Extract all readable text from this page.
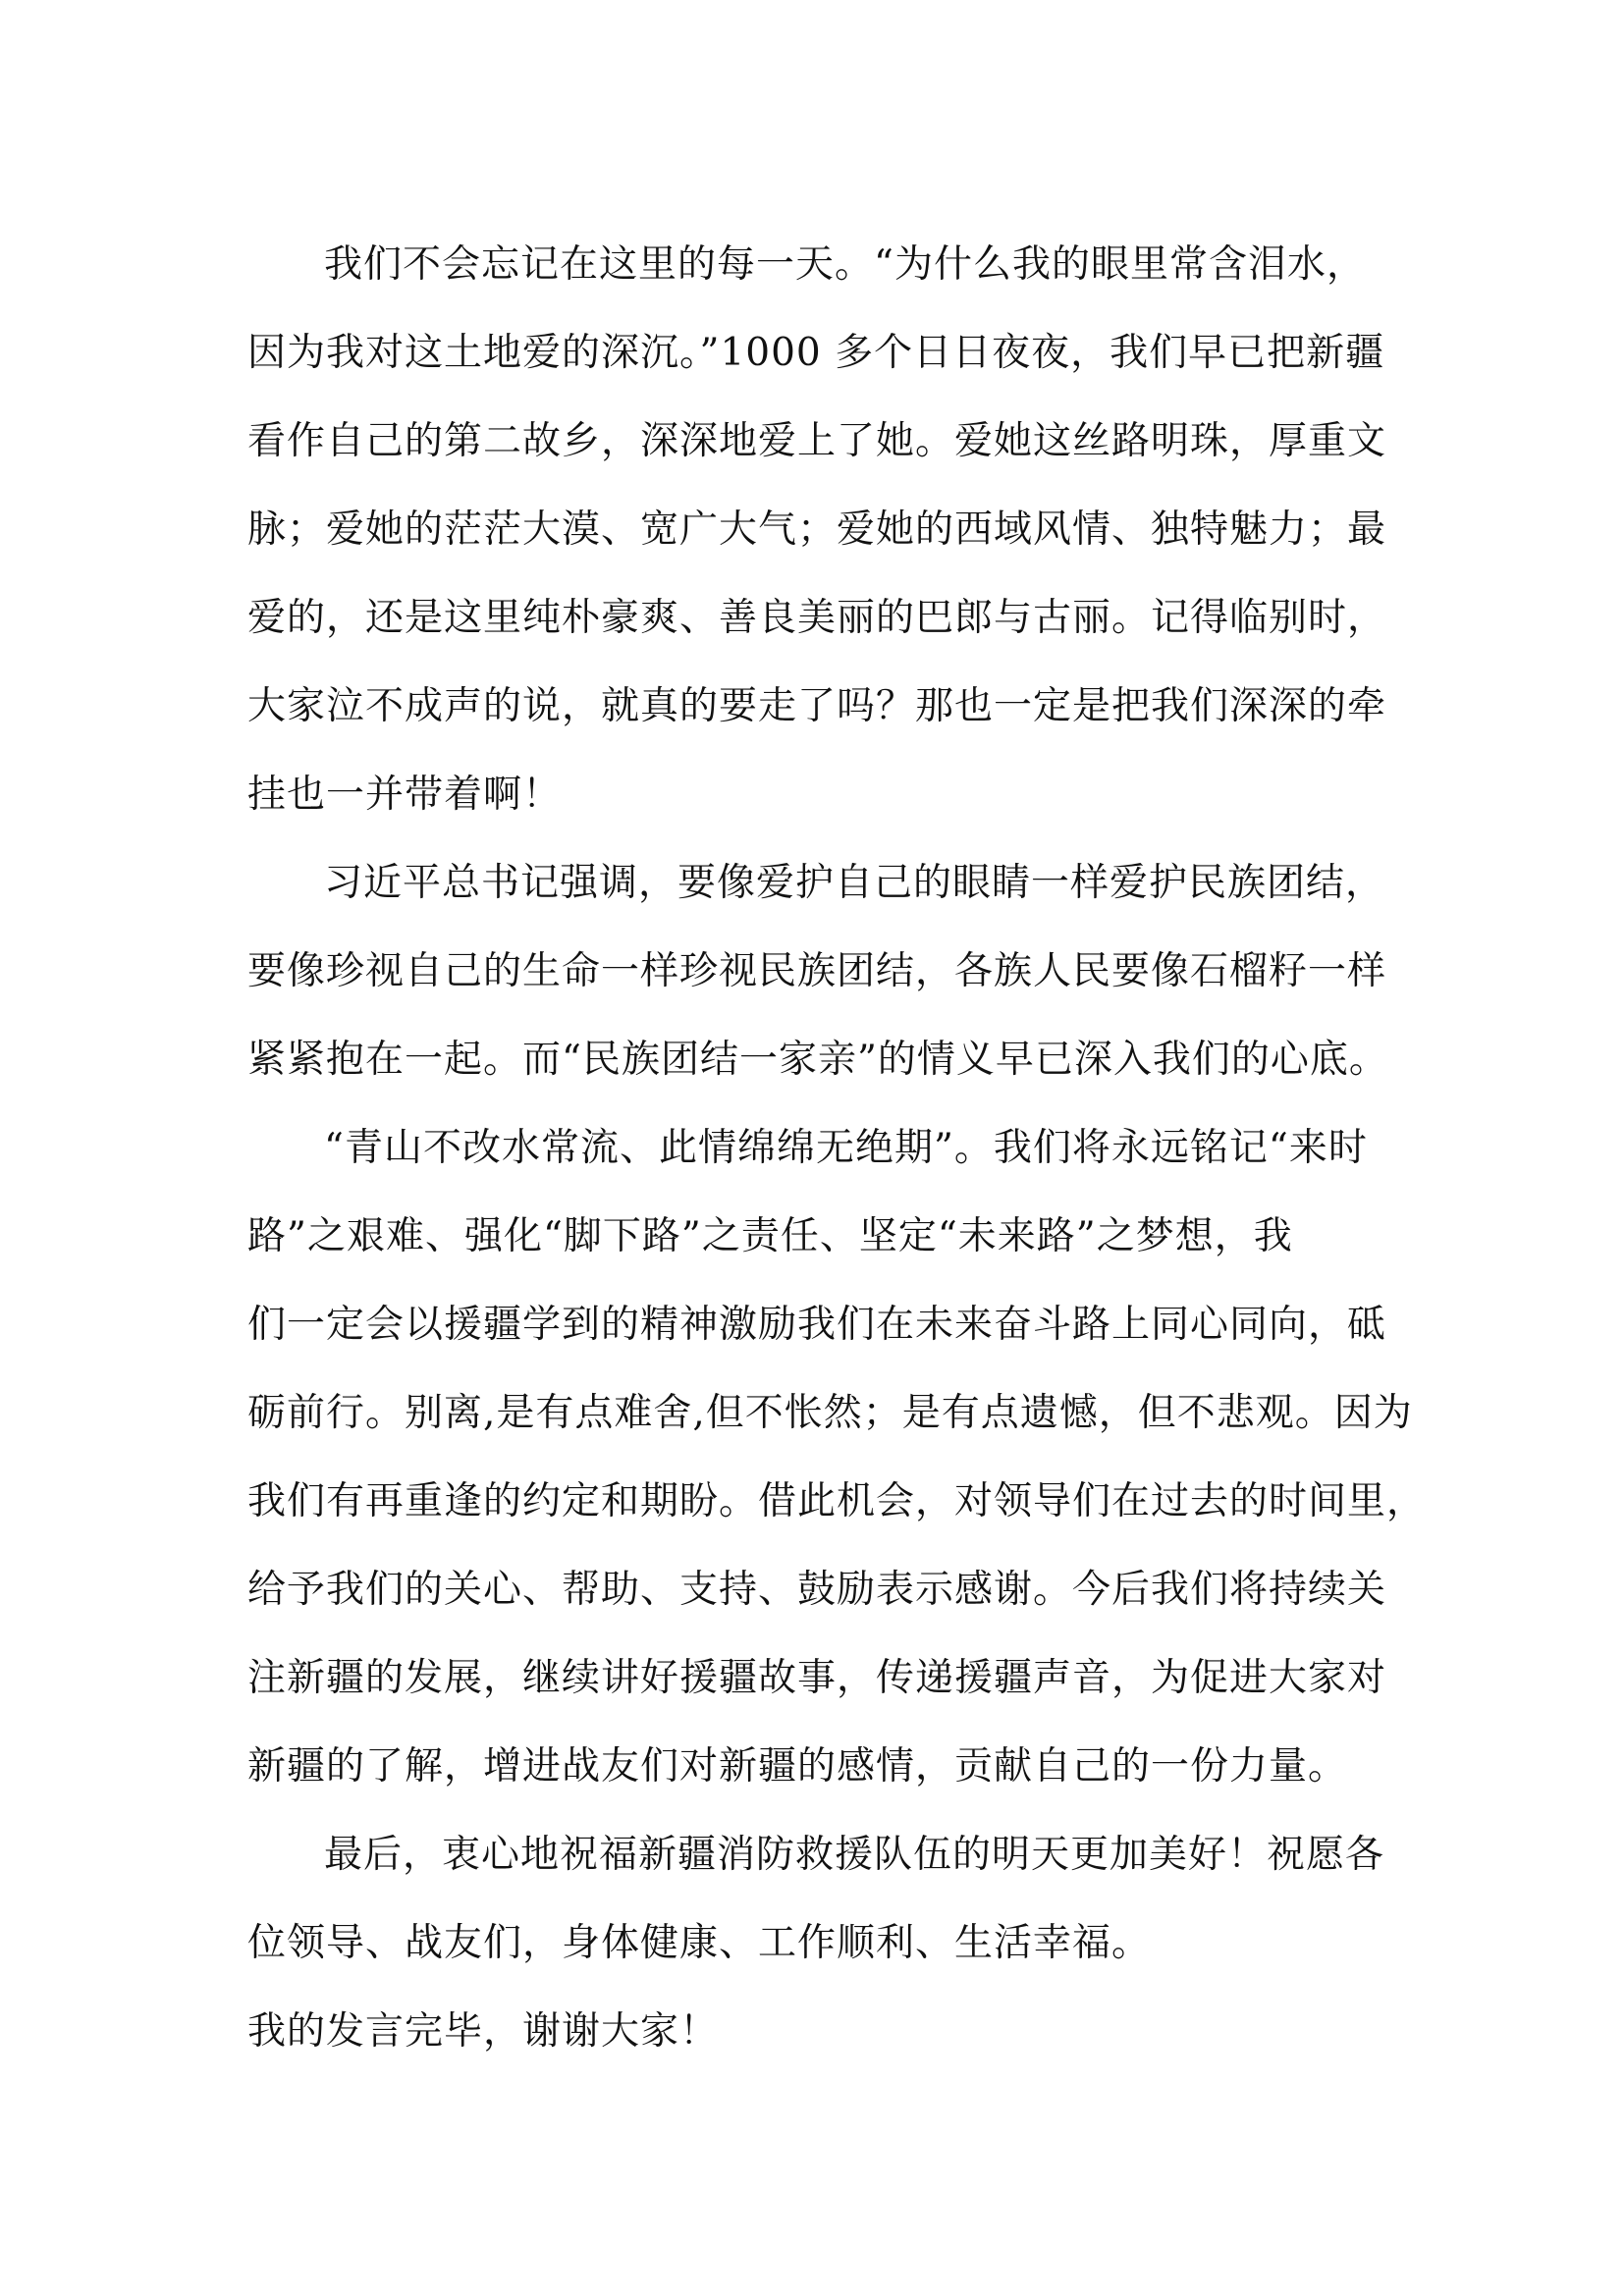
我们不会忘记在这里的每一天。“为什么我的眼里常含泪水，
因为我对这土地爱的深沉。”1000 多个日日夜夜，我们早已把新疆
看作自己的第二故乡，深深地爱上了她。爱她这丝路明珠，厚重文
脉；爱她的茫茫大漠、宽广大气；爱她的西域风情、独特魅力；最
爱的，还是这里纯朴豪爽、善良美丽的巴郎与古丽。记得临别时，
大家泣不成声的说，就真的要走了吗？那也一定是把我们深深的牵
挂也一并带着啊！
习近平总书记强调，要像爱护自己的眼睛一样爱护民族团结，
要像珍视自己的生命一样珍视民族团结，各族人民要像石榴籽一样
紧紧抱在一起。而“民族团结一家亲”的情义早已深入我们的心底。
“青山不改水常流、此情绵绵无绝期”。我们将永远铭记“来时
路”之艰难、强化“脚下路”之责任、坚定“未来路”之梦想，我
们一定会以援疆学到的精神激励我们在未来奋斗路上同心同向，砥
砺前行。别离,是有点难舍,但不怅然；是有点遗憾，但不悲观。因为
我们有再重逢的约定和期盼。借此机会，对领导们在过去的时间里，
给予我们的关心、帮助、支持、鼓励表示感谢。今后我们将持续关
注新疆的发展，继续讲好援疆故事，传递援疆声音，为促进大家对
新疆的了解，增进战友们对新疆的感情，贡献自己的一份力量。
最后，衷心地祝福新疆消防救援队伍的明天更加美好！祝愿各
位领导、战友们，身体健康、工作顺利、生活幸福。
我的发言完毕，谢谢大家！
